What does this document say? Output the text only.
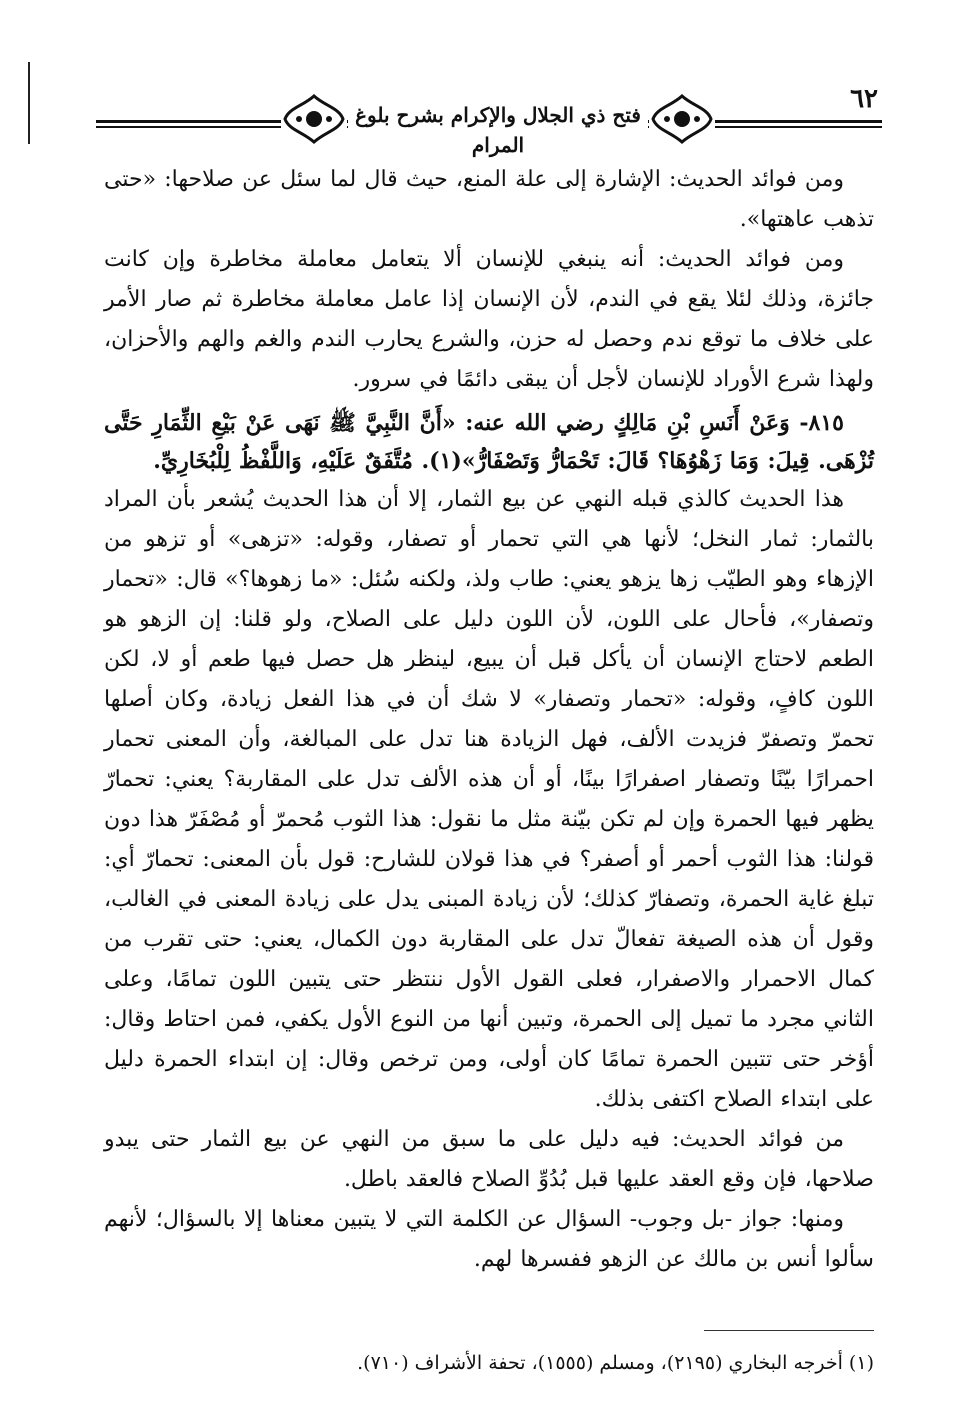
فتح ذي الجلال والإكرام بشرح بلوغ المرام
٦٢

ومن فوائد الحديث: الإشارة إلى علة المنع، حيث قال لما سئل عن صلاحها: «حتى تذهب عاهتها».

ومن فوائد الحديث: أنه ينبغي للإنسان ألا يتعامل معاملة مخاطرة وإن كانت جائزة، وذلك لئلا يقع في الندم، لأن الإنسان إذا عامل معاملة مخاطرة ثم صار الأمر على خلاف ما توقع ندم وحصل له حزن، والشرع يحارب الندم والغم والهم والأحزان، ولهذا شرع الأوراد للإنسان لأجل أن يبقى دائمًا في سرور.

٨١٥- وَعَنْ أَنَسِ بْنِ مَالِكٍ رضي الله عنه: «أَنَّ النَّبِيَّ ﷺ نَهَى عَنْ بَيْعِ الثِّمَارِ حَتَّى تُزْهَى. قِيلَ: وَمَا زَهْوُهَا؟ قَالَ: تَحْمَارُّ وَتَصْفَارُّ»(١). مُتَّفَقٌ عَلَيْهِ، وَاللَّفْظُ لِلْبُخَارِيِّ.

هذا الحديث كالذي قبله النهي عن بيع الثمار، إلا أن هذا الحديث يُشعر بأن المراد بالثمار: ثمار النخل؛ لأنها هي التي تحمار أو تصفار، وقوله: «تزهى» أو تزهو من الإزهاء وهو الطيّب زها يزهو يعني: طاب ولذ، ولكنه سُئل: «ما زهوها؟» قال: «تحمار وتصفار»، فأحال على اللون، لأن اللون دليل على الصلاح، ولو قلنا: إن الزهو هو الطعم لاحتاج الإنسان أن يأكل قبل أن يبيع، لينظر هل حصل فيها طعم أو لا، لكن اللون كافٍ، وقوله: «تحمار وتصفار» لا شك أن في هذا الفعل زيادة، وكان أصلها تحمرّ وتصفرّ فزيدت الألف، فهل الزيادة هنا تدل على المبالغة، وأن المعنى تحمار احمرارًا بيّنًا وتصفار اصفرارًا بينًا، أو أن هذه الألف تدل على المقاربة؟ يعني: تحمارّ يظهر فيها الحمرة وإن لم تكن بيّنة مثل ما نقول: هذا الثوب مُحمرّ أو مُصْفَرّ هذا دون قولنا: هذا الثوب أحمر أو أصفر؟ في هذا قولان للشارح: قول بأن المعنى: تحمارّ أي: تبلغ غاية الحمرة، وتصفارّ كذلك؛ لأن زيادة المبنى يدل على زيادة المعنى في الغالب، وقول أن هذه الصيغة تفعالّ تدل على المقاربة دون الكمال، يعني: حتى تقرب من كمال الاحمرار والاصفرار، فعلى القول الأول ننتظر حتى يتبين اللون تمامًا، وعلى الثاني مجرد ما تميل إلى الحمرة، وتبين أنها من النوع الأول يكفي، فمن احتاط وقال: أؤخر حتى تتبين الحمرة تمامًا كان أولى، ومن ترخص وقال: إن ابتداء الحمرة دليل على ابتداء الصلاح اكتفى بذلك.

من فوائد الحديث: فيه دليل على ما سبق من النهي عن بيع الثمار حتى يبدو صلاحها، فإن وقع العقد عليها قبل بُدُوِّ الصلاح فالعقد باطل.

ومنها: جواز -بل وجوب- السؤال عن الكلمة التي لا يتبين معناها إلا بالسؤال؛ لأنهم سألوا أنس بن مالك عن الزهو ففسرها لهم.

(١) أخرجه البخاري (٢١٩٥)، ومسلم (١٥٥٥)، تحفة الأشراف (٧١٠).
